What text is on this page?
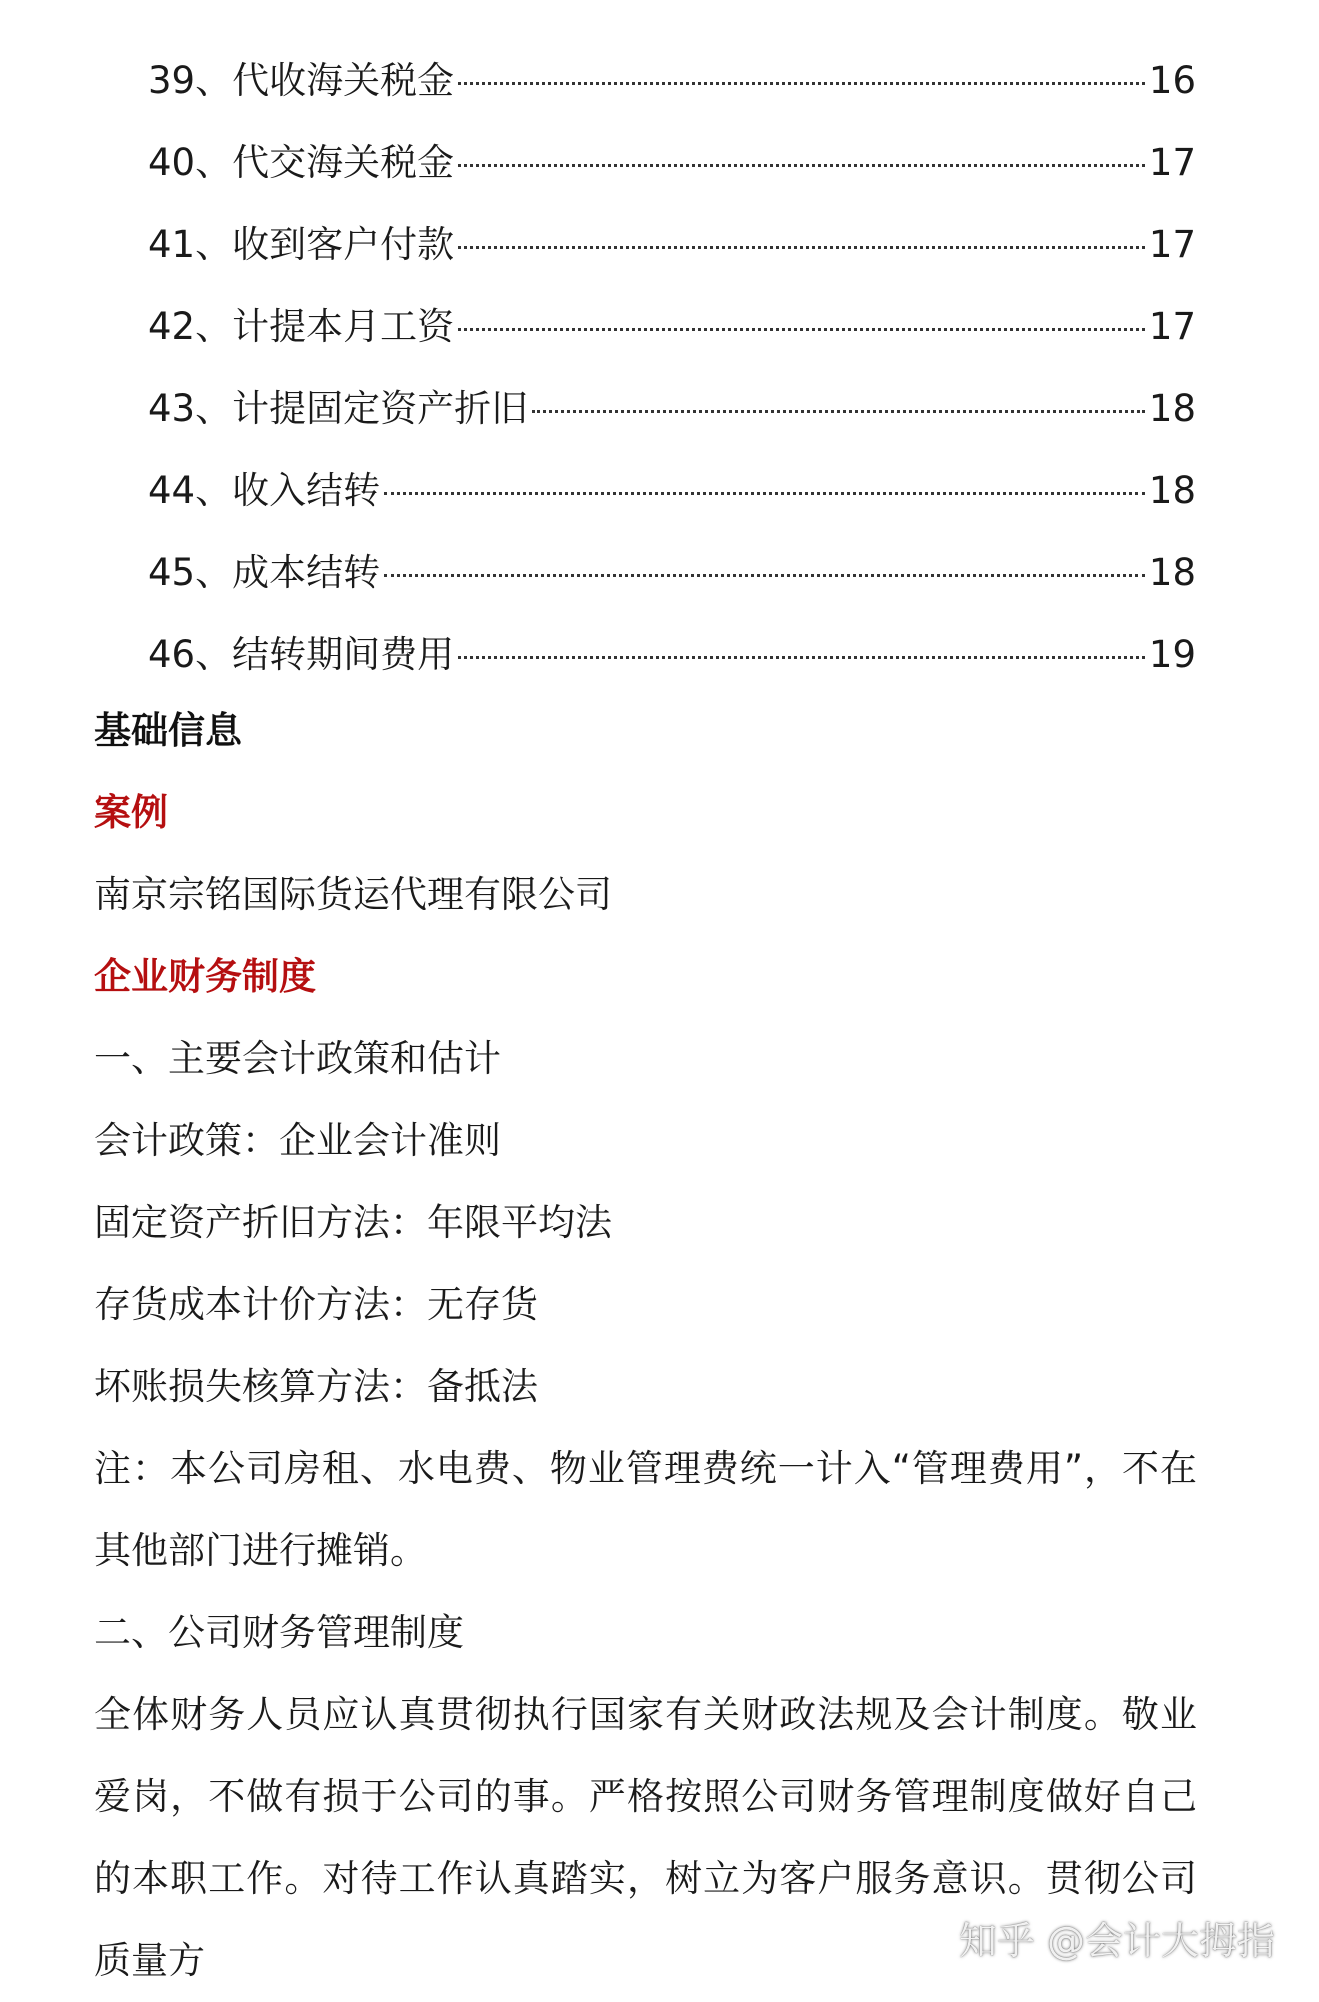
39、 代收海关税金	16
40、 代交海关税金	17
41、 收到客户付款	17
42、 计提本月工资	17
43、 计提固定资产折旧	18
44、 收入结转	18
45、 成本结转	18
46、 结转期间费用	19
基础信息
案例
南京宗铭国际货运代理有限公司
企业财务制度
一、主要会计政策和估计
会计政策：企业会计准则
固定资产折旧方法：年限平均法
存货成本计价方法：无存货
坏账损失核算方法：备抵法
注：本公司房租、水电费、物业管理费统一计入“管理费用”，不在其他部门进行摊销。
二、公司财务管理制度
全体财务人员应认真贯彻执行国家有关财政法规及会计制度。敬业爱岗，不做有损于公司的事。严格按照公司财务管理制度做好自己的本职工作。对待工作认真踏实，树立为客户服务意识。贯彻公司质量方	知乎 @会计大拇指
